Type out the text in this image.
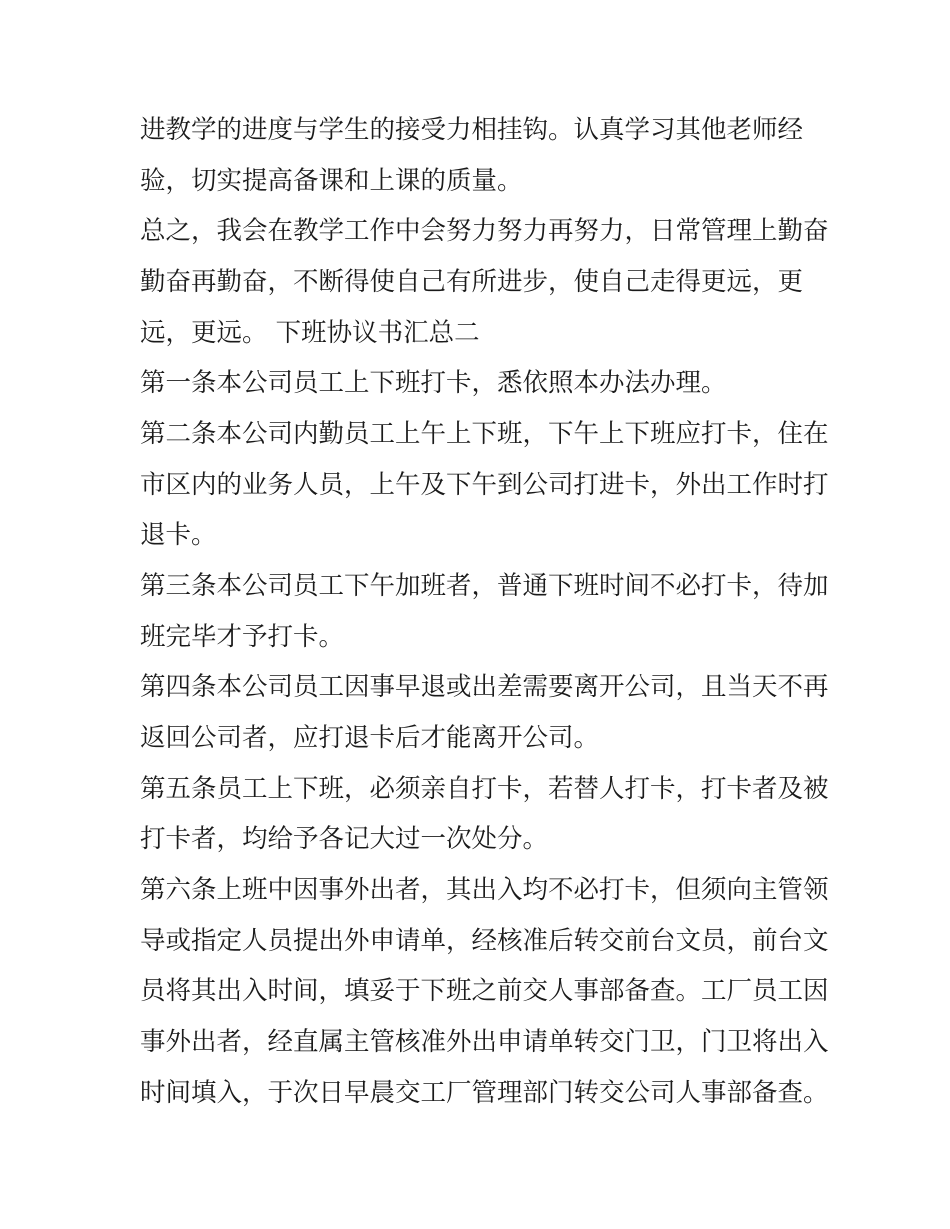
进教学的进度与学生的接受力相挂钩。认真学习其他老师经
验，切实提高备课和上课的质量。
总之，我会在教学工作中会努力努力再努力，日常管理上勤奋
勤奋再勤奋，不断得使自己有所进步，使自己走得更远，更
远，更远。 下班协议书汇总二
第一条本公司员工上下班打卡，悉依照本办法办理。
第二条本公司内勤员工上午上下班，下午上下班应打卡，住在
市区内的业务人员，上午及下午到公司打进卡，外出工作时打
退卡。
第三条本公司员工下午加班者，普通下班时间不必打卡，待加
班完毕才予打卡。
第四条本公司员工因事早退或出差需要离开公司，且当天不再
返回公司者，应打退卡后才能离开公司。
第五条员工上下班，必须亲自打卡，若替人打卡，打卡者及被
打卡者，均给予各记大过一次处分。
第六条上班中因事外出者，其出入均不必打卡，但须向主管领
导或指定人员提出外申请单，经核准后转交前台文员，前台文
员将其出入时间，填妥于下班之前交人事部备查。工厂员工因
事外出者，经直属主管核准外出申请单转交门卫，门卫将出入
时间填入，于次日早晨交工厂管理部门转交公司人事部备查。
